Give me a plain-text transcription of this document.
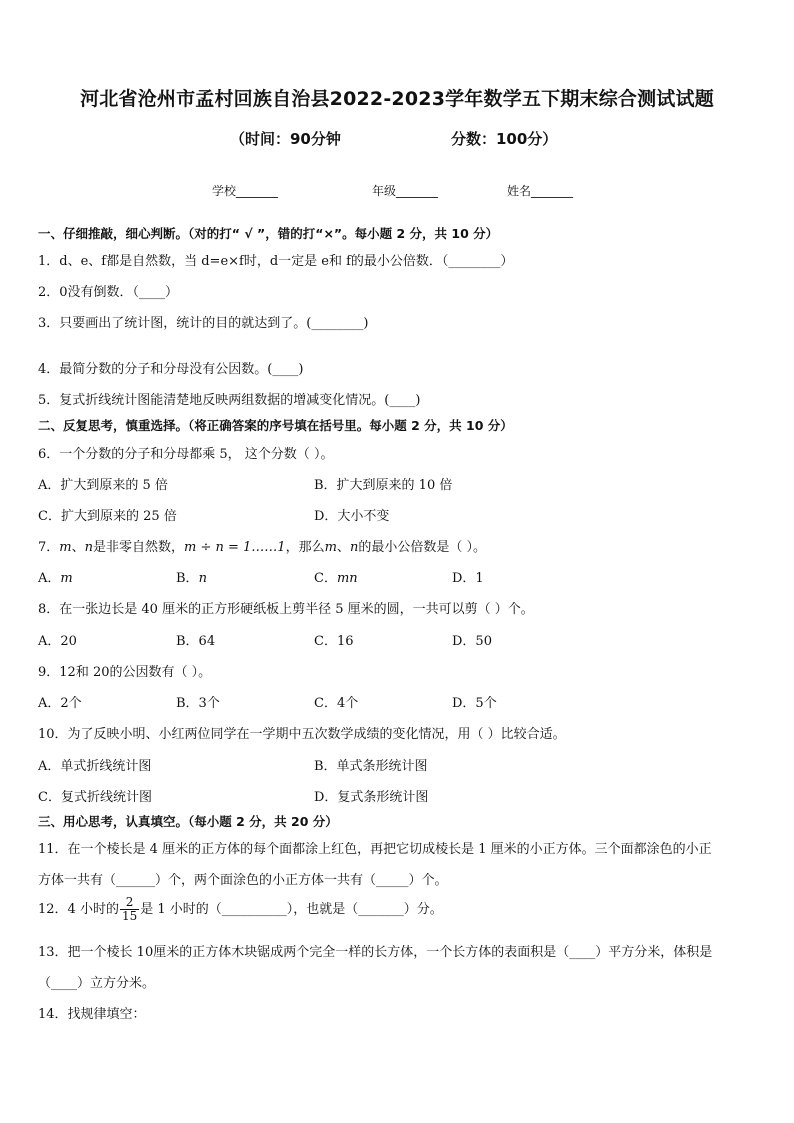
河北省沧州市孟村回族自治县2022-2023学年数学五下期末综合测试试题
（时间：90分钟	分数：100分）
学校_______	年级_______	姓名_______
一、仔细推敲，细心判断。（对的打“ √ ”，错的打“×”。每小题 2 分，共 10 分）
1．d、e、f都是自然数，当 d=e×f时，d一定是 e和 f的最小公倍数．（________）
2．0没有倒数．（____）
3．只要画出了统计图，统计的目的就达到了。(________)
4．最简分数的分子和分母没有公因数。(____)
5．复式折线统计图能清楚地反映两组数据的增减变化情况。(____)
二、反复思考，慎重选择。（将正确答案的序号填在括号里。每小题 2 分，共 10 分）
6．一个分数的分子和分母都乘 5， 这个分数（ ）。
A．扩大到原来的 5 倍	B．扩大到原来的 10 倍
C．扩大到原来的 25 倍	D．大小不变
7．m、n是非零自然数，m ÷ n = 1……1，那么m、n的最小公倍数是（ ）。
A．m	B．n	C．mn	D．1
8．在一张边长是 40 厘米的正方形硬纸板上剪半径 5 厘米的圆，一共可以剪（ ）个。
A．20	B．64	C．16	D．50
9．12和 20的公因数有（ ）。
A．2个	B．3个	C．4个	D．5个
10．为了反映小明、小红两位同学在一学期中五次数学成绩的变化情况，用（ ）比较合适。
A．单式折线统计图	B．单式条形统计图
C．复式折线统计图	D．复式条形统计图
三、用心思考，认真填空。（每小题 2 分，共 20 分）
11．在一个棱长是 4 厘米的正方体的每个面都涂上红色，再把它切成棱长是 1 厘米的小正方体。三个面都涂色的小正
方体一共有（______）个，两个面涂色的小正方体一共有（_____）个。
12．4 小时的 $\frac{2}{15}$ 是 1 小时的（__________），也就是（_______）分。
13．把一个棱长 10厘米的正方体木块锯成两个完全一样的长方体，一个长方体的表面积是（____）平方分米，体积是
（____）立方分米。
14．找规律填空：
